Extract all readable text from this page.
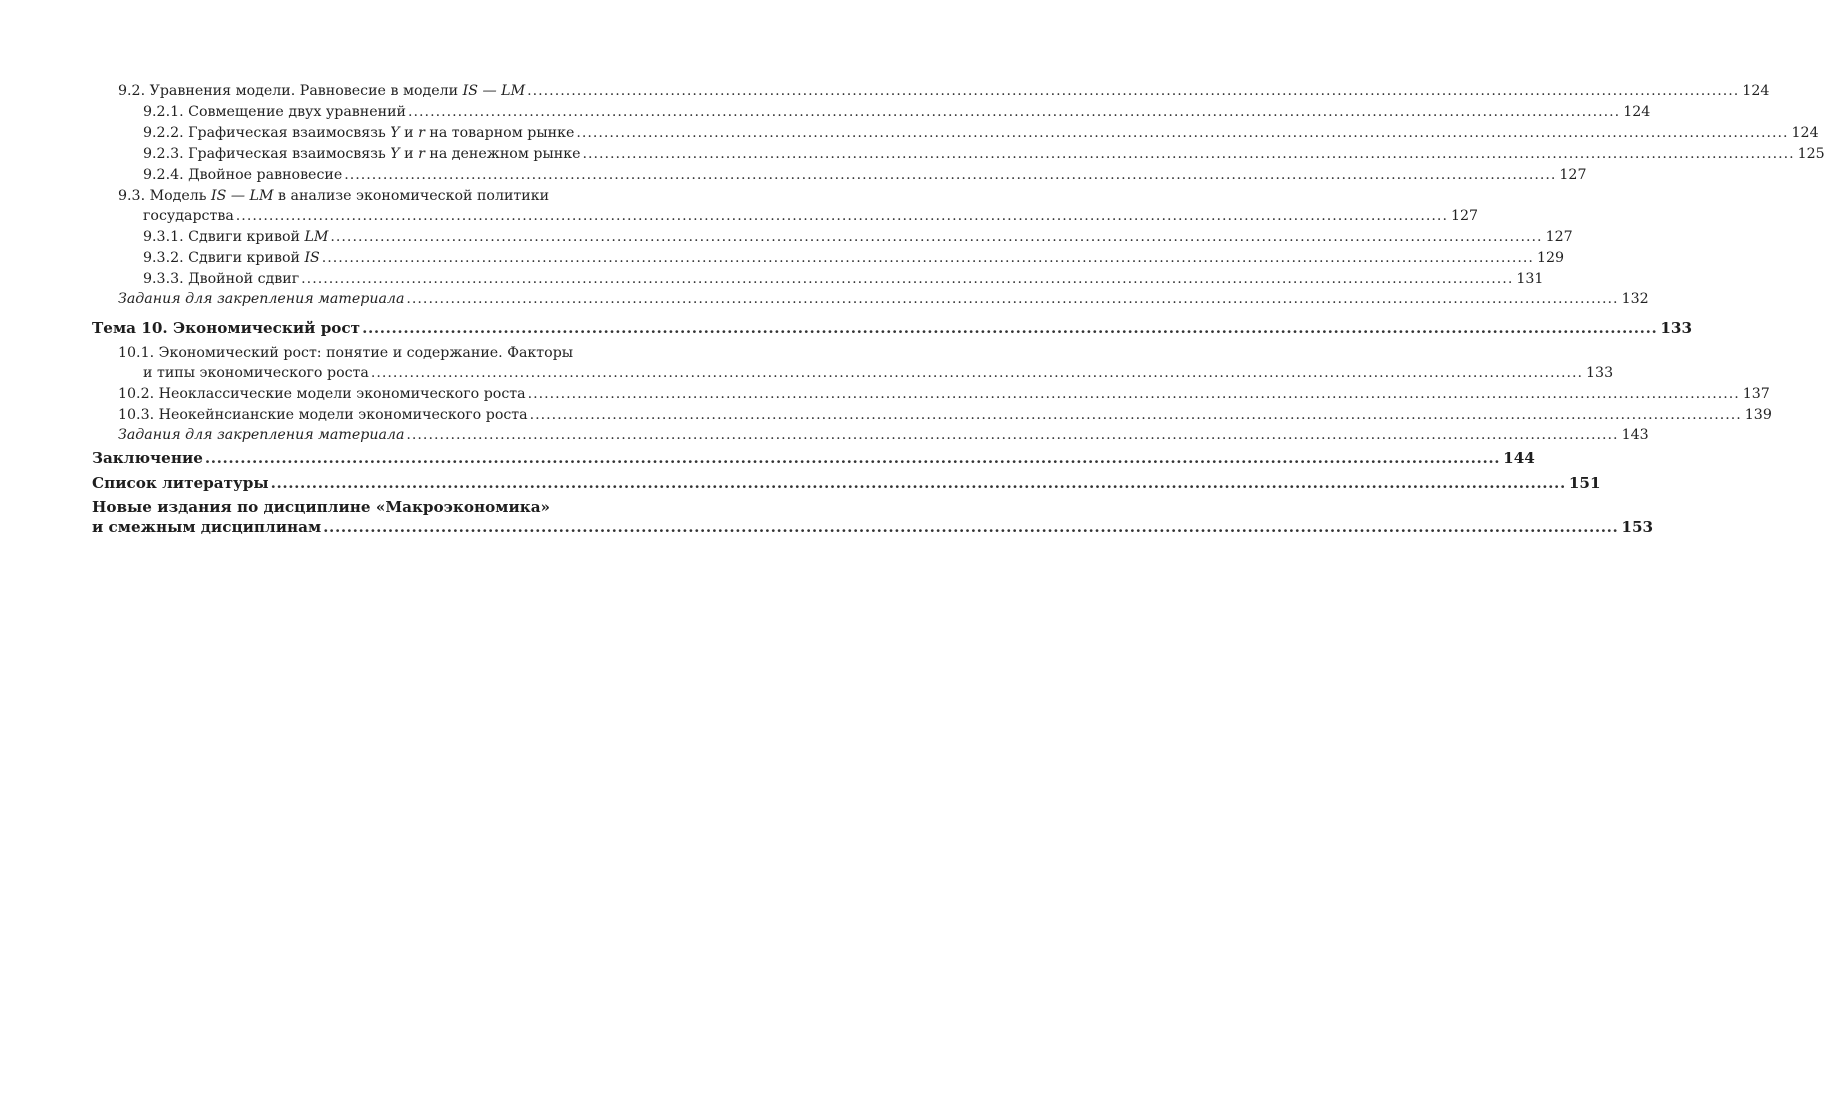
9.2. Уравнения модели. Равновесие в модели IS — LM ............................................................................................................................................................................................................................ 124
9.2.1. Совмещение двух уравнений ............................................................................................................................................................................................................................ 124
9.2.2. Графическая взаимосвязь Y и r на товарном рынке ............................................................................................................................................................................................................................ 124
9.2.3. Графическая взаимосвязь Y и r на денежном рынке ............................................................................................................................................................................................................................ 125
9.2.4. Двойное равновесие ............................................................................................................................................................................................................................ 127
9.3. Модель IS — LM в анализе экономической политики
государства ............................................................................................................................................................................................................................ 127
9.3.1. Сдвиги кривой LM ............................................................................................................................................................................................................................ 127
9.3.2. Сдвиги кривой IS ............................................................................................................................................................................................................................ 129
9.3.3. Двойной сдвиг ............................................................................................................................................................................................................................ 131
Задания для закрепления материала ............................................................................................................................................................................................................................ 132
Тема 10. Экономический рост ............................................................................................................................................................................................................................ 133
10.1. Экономический рост: понятие и содержание. Факторы
и типы экономического роста ............................................................................................................................................................................................................................ 133
10.2. Неоклассические модели экономического роста ............................................................................................................................................................................................................................ 137
10.3. Неокейнсианские модели экономического роста ............................................................................................................................................................................................................................ 139
Задания для закрепления материала ............................................................................................................................................................................................................................ 143
Заключение ............................................................................................................................................................................................................................ 144
Список литературы ............................................................................................................................................................................................................................ 151
Новые издания по дисциплине «Макроэкономика»
и смежным дисциплинам ............................................................................................................................................................................................................................ 153
